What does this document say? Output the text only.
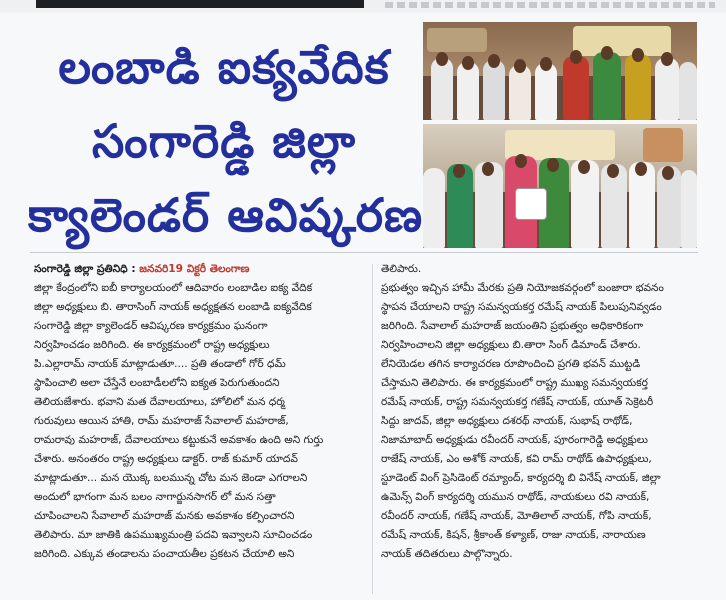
లంబాడి ఐక్యవేదిక
సంగారెడ్డి జిల్లా
క్యాలెండర్ ఆవిష్కరణ
సంగారెడ్డి జిల్లా ప్రతినిధి : జనవరి19 విక్టరీ తెలంగాణ
జిల్లా కేంద్రంలోని ఐబీ కార్యాలయంలో ఆదివారం లంబాడిల ఐక్య వేదిక
జిల్లా అధ్యక్షులు బి. తారాసింగ్ నాయక్ అధ్యక్షతన లంబాడి ఐక్యవేదిక
సంగారెడ్డి జిల్లా క్యాలెండర్ ఆవిష్కరణ కార్యక్రమం ఘనంగా
నిర్వహించడం జరిగింది. ఈ కార్యక్రమంలో రాష్ట్ర అధ్యక్షులు
పి.ఎల్లారామ్ నాయక్ మాట్లాడుతూ.... ప్రతి తండాలో గోర్ ధమ్
స్థాపించాలి అలా చేస్తేనే లంబాడీలలోని ఐక్యత పెరుగుతుందని
తెలియజేశారు. భవాని మత దేవాలయాలు, హోలిలో మన ధర్మ
గురువులు ఆయిన హాతి, రామ్ మహరాజ్ సేవాలాల్ మహరాజ్,
రామరావు మహరాజ్, దేవాలయాలు కట్టుకునే అవకాశం ఉంది అని గుర్తు
చేశారు. అనంతరం రాష్ట్ర అధ్యక్షులు డాక్టర్. రాజ్ కుమార్ యాదవ్
మాట్లాడుతూ... మన యొక్క బలమున్న చోట మన జెండా ఎగరాలని
అందులో భాగంగా మన బలం నాగార్జునసాగర్ లో మన సత్తా
చూపించాలని సేవాలాల్ మహరాజ్ మనకు అవకాశం కల్పించారని
తెలిపారు. మా జాతికి ఉపముఖ్యమంత్రి పదవి ఇవ్వాలని సూచించడం
జరిగింది. ఎక్కువ తండాలను పంచాయతీల ప్రకటన చేయాలి అని
తెలిపారు.
ప్రభుత్వం ఇచ్చిన హామీ మేరకు ప్రతి నియోజకవర్గంలో బంజారా భవనం
స్థాపన చేయాలని రాష్ట్ర సమన్వయకర్త రమేష్ నాయక్ పిలుపునివ్వడం
జరిగింది. సేవాలాల్ మహరాజ్ జయంతిని ప్రభుత్వం అధికారికంగా
నిర్వహించాలని జిల్లా అధ్యక్షులు బి.తారా సింగ్ డిమాండ్ చేశారు.
లేనియెడల తగిన కార్యాచరణ రూపొందించి ప్రగతి భవన్ ముట్టడి
చేస్తామని తెలిపారు. ఈ కార్యక్రమంలో రాష్ట్ర ముఖ్య సమన్వయకర్త
రమేష్ నాయక్, రాష్ట్ర సమన్వయకర్త గణేష్ నాయక్, యూత్ సెక్రెటరీ
సిద్దు జాదవ్, జిల్లా అధ్యక్షులు దశరథ్ నాయక్, సుభాష్ రాథోడ్,
నిజామాబాద్ అధ్యక్షుడు రవీందర్ నాయక్, పూరంగారెడ్డి అధ్యక్షులు
రాజేష్ నాయక్, ఎం అశోక్ నాయక్, కవి రామ్ రాథోడ్ ఉపాధ్యక్షులు,
స్టూడెంట్ వింగ్ ప్రెసిడెంట్ రమ్యాంద్, కార్యదర్శి బి వినేష్ నాయక్, జిల్లా
ఉమెన్స్ వింగ్ కార్యదర్శి యమున రాథోడ్, నాయకులు రవి నాయక్,
రవీందర్ నాయక్, గణేష్ నాయక్, మోతిలాల్ నాయక్, గోపి నాయక్,
రమేష్ నాయక్, కిషన్, శ్రీకాంత్ కళ్యాణ్, రాజు నాయక్, నారాయణ
నాయక్ తదితరులు పాల్గొన్నారు.
